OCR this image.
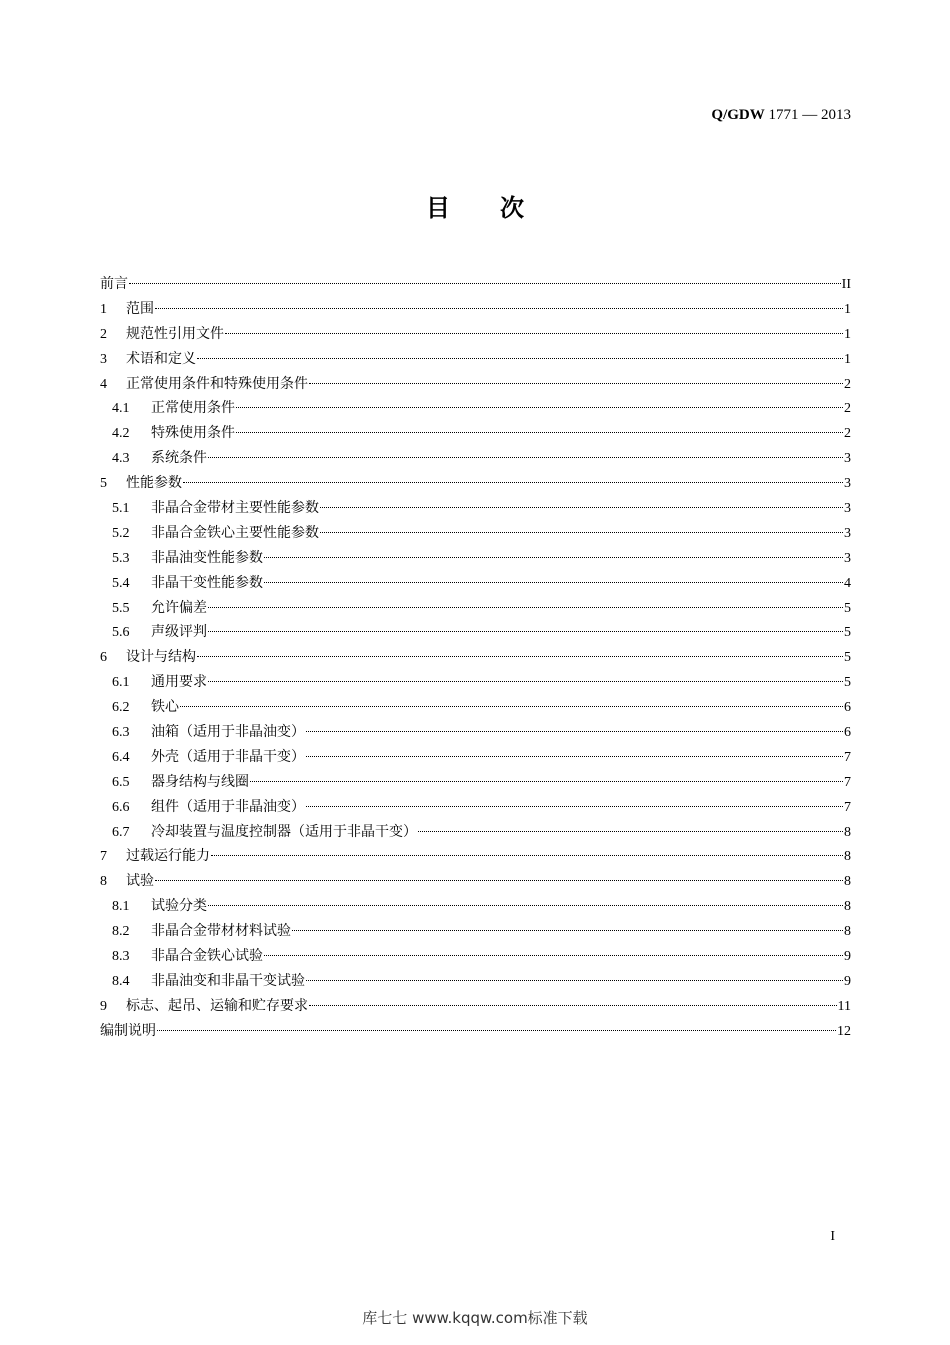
Q/GDW 1771 — 2013
目次
前言	II
1	范围	1
2	规范性引用文件	1
3	术语和定义	1
4	正常使用条件和特殊使用条件	2
4.1	正常使用条件	2
4.2	特殊使用条件	2
4.3	系统条件	3
5	性能参数	3
5.1	非晶合金带材主要性能参数	3
5.2	非晶合金铁心主要性能参数	3
5.3	非晶油变性能参数	3
5.4	非晶干变性能参数	4
5.5	允许偏差	5
5.6	声级评判	5
6	设计与结构	5
6.1	通用要求	5
6.2	铁心	6
6.3	油箱（适用于非晶油变）	6
6.4	外壳（适用于非晶干变）	7
6.5	器身结构与线圈	7
6.6	组件（适用于非晶油变）	7
6.7	冷却装置与温度控制器（适用于非晶干变）	8
7	过载运行能力	8
8	试验	8
8.1	试验分类	8
8.2	非晶合金带材材料试验	8
8.3	非晶合金铁心试验	9
8.4	非晶油变和非晶干变试验	9
9	标志、起吊、运输和贮存要求	11
编制说明	12
I
库七七 www.kqqw.com标准下载
